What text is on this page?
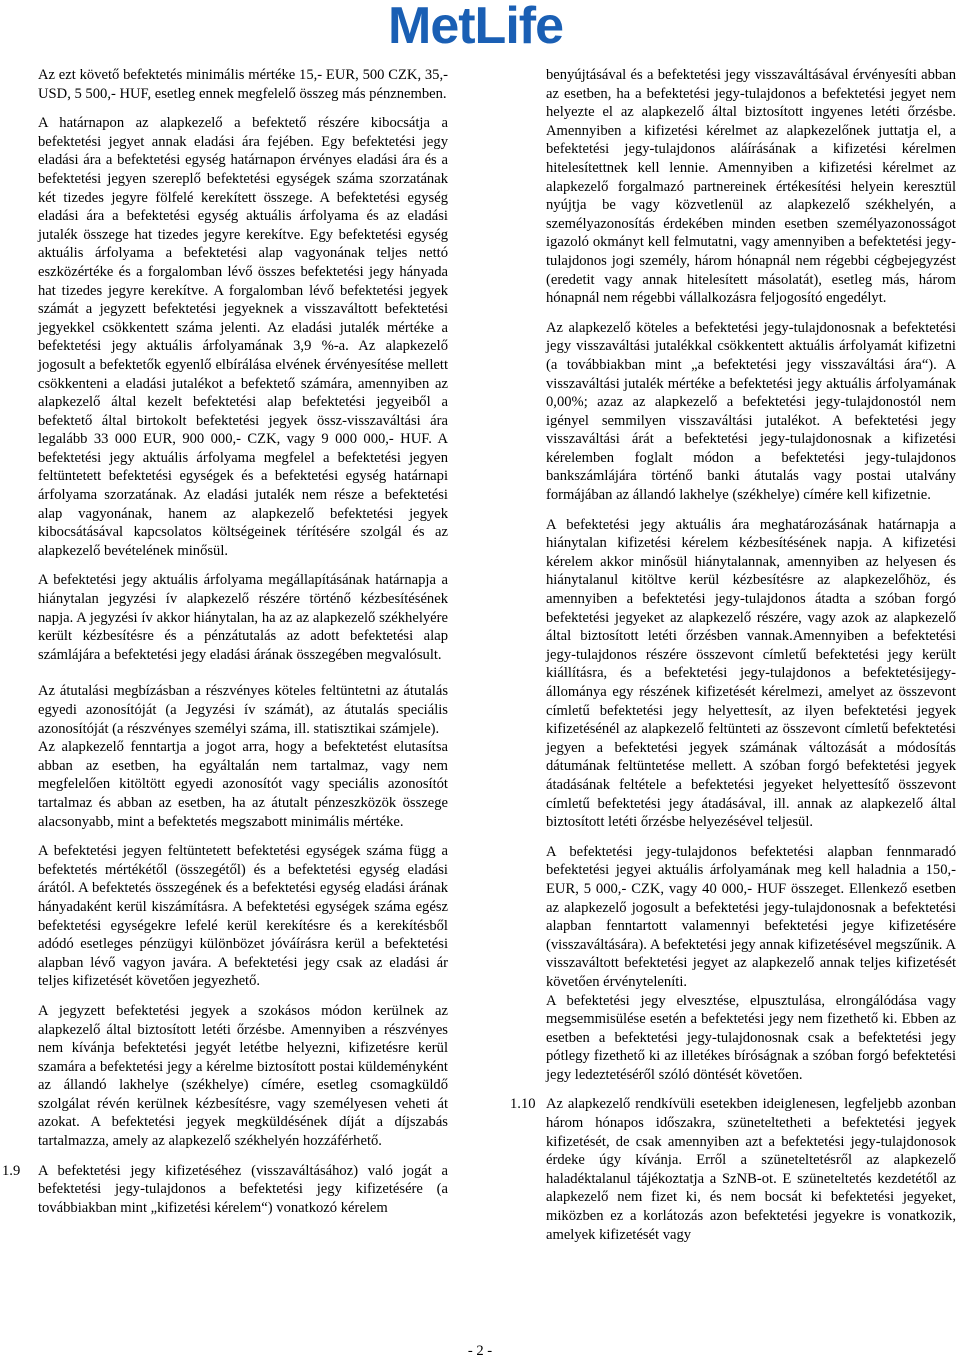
MetLife

Az ezt követő befektetés minimális mértéke 15,- EUR, 500 CZK, 35,- USD, 5 500,- HUF, esetleg ennek megfelelő összeg más pénznemben.

A határnapon az alapkezelő a befektető részére kibocsátja a befektetési jegyet annak eladási ára fejében. Egy befektetési jegy eladási ára a befektetési egység határnapon érvényes eladási ára és a befektetési jegyen szereplő befektetési egységek száma szorzatának két tizedes jegyre fölfelé kerekített összege. A befektetési egység eladási ára a befektetési egység aktuális árfolyama és az eladási jutalék összege hat tizedes jegyre kerekítve. Egy befektetési egység aktuális árfolyama a befektetési alap vagyonának teljes nettó eszközértéke és a forgalomban lévő összes befektetési jegy hányada hat tizedes jegyre kerekítve. A forgalomban lévő befektetési jegyek számát a jegyzett befektetési jegyeknek a visszaváltott befektetési jegyekkel csökkentett száma jelenti. Az eladási jutalék mértéke a befektetési jegy aktuális árfolyamának 3,9 %-a. Az alapkezelő jogosult a befektetők egyenlő elbírálása elvének érvényesítése mellett csökkenteni a eladási jutalékot a befektető számára, amennyiben az alapkezelő által kezelt befektetési alap befektetési jegyeiből a befektető által birtokolt befektetési jegyek össz-visszaváltási ára legalább 33 000 EUR, 900 000,- CZK, vagy 9 000 000,- HUF. A befektetési jegy aktuális árfolyama megfelel a befektetési jegyen feltüntetett befektetési egységek és a befektetési egység határnapi árfolyama szorzatának. Az eladási jutalék nem része a befektetési alap vagyonának, hanem az alapkezelő befektetési jegyek kibocsátásával kapcsolatos költségeinek térítésére szolgál és az alapkezelő bevételének minősül.

A befektetési jegy aktuális árfolyama megállapításának határnapja a hiánytalan jegyzési ív alapkezelő részére történő kézbesítésének napja. A jegyzési ív akkor hiánytalan, ha az az alapkezelő székhelyére került kézbesítésre és a pénzátutalás az adott befektetési alap számlájára a befektetési jegy eladási árának összegében megvalósult.

Az átutalási megbízásban a részvényes köteles feltüntetni az átutalás egyedi azonosítóját (a Jegyzési ív számát), az átutalás speciális azonosítóját (a részvényes személyi száma, ill. statisztikai számjele).

Az alapkezelő fenntartja a jogot arra, hogy a befektetést elutasítsa abban az esetben, ha egyáltalán nem tartalmaz, vagy nem megfelelően kitöltött egyedi azonosítót vagy speciális azonosítót tartalmaz és abban az esetben, ha az átutalt pénzeszközök összege alacsonyabb, mint a befektetés megszabott minimális mértéke.

A befektetési jegyen feltüntetett befektetési egységek száma függ a befektetés mértékétől (összegétől) és a befektetési egység eladási árától. A befektetés összegének és a befektetési egység eladási árának hányadaként kerül kiszámításra. A befektetési egységek száma egész befektetési egységekre lefelé kerül kerekítésre és a kerekítésből adódó esetleges pénzügyi különbözet jóváírásra kerül a befektetési alapban lévő vagyon javára. A befektetési jegy csak az eladási ár teljes kifizetését követően jegyezhető.

A jegyzett befektetési jegyek a szokásos módon kerülnek az alapkezelő által biztosított letéti őrzésbe. Amennyiben a részvényes nem kívánja befektetési jegyét letétbe helyezni, kifizetésre kerül szamára a befektetési jegy a kérelme biztosított postai küldeményként az állandó lakhelye (székhelye) címére, esetleg csomagküldő szolgálat révén kerülnek kézbesítésre, vagy személyesen veheti át azokat. A befektetési jegyek megküldésének díját a díjszabás tartalmazza, amely az alapkezelő székhelyén hozzáférhető.

1.9 A befektetési jegy kifizetéséhez (visszaváltásához) való jogát a befektetési jegy-tulajdonos a befektetési jegy kifizetésére (a továbbiakban mint „kifizetési kérelem“) vonatkozó kérelem

benyújtásával és a befektetési jegy visszaváltásával érvényesíti abban az esetben, ha a befektetési jegy-tulajdonos a befektetési jegyet nem helyezte el az alapkezelő által biztosított ingyenes letéti őrzésbe. Amennyiben a kifizetési kérelmet az alapkezelőnek juttatja el, a befektetési jegy-tulajdonos aláírásának a kifizetési kérelmen hitelesítettnek kell lennie. Amennyiben a kifizetési kérelmet az alapkezelő forgalmazó partnereinek értékesítési helyein keresztül nyújtja be vagy közvetlenül az alapkezelő székhelyén, a személyazonosítás érdekében minden esetben személyazonosságot igazoló okmányt kell felmutatni, vagy amennyiben a befektetési jegy-tulajdonos jogi személy, három hónapnál nem régebbi cégbejegyzést (eredetit vagy annak hitelesített másolatát), esetleg más, három hónapnál nem régebbi vállalkozásra feljogosító engedélyt.

Az alapkezelő köteles a befektetési jegy-tulajdonosnak a befektetési jegy visszaváltási jutalékkal csökkentett aktuális árfolyamát kifizetni (a továbbiakban mint „a befektetési jegy visszaváltási ára“). A visszaváltási jutalék mértéke a befektetési jegy aktuális árfolyamának 0,00%; azaz az alapkezelő a befektetési jegy-tulajdonostól nem igényel semmilyen visszaváltási jutalékot. A befektetési jegy visszaváltási árát a befektetési jegy-tulajdonosnak a kifizetési kérelemben foglalt módon a befektetési jegy-tulajdonos bankszámlájára történő banki átutalás vagy postai utalvány formájában az állandó lakhelye (székhelye) címére kell kifizetnie.

A befektetési jegy aktuális ára meghatározásának határnapja a hiánytalan kifizetési kérelem kézbesítésének napja. A kifizetési kérelem akkor minősül hiánytalannak, amennyiben az helyesen és hiánytalanul kitöltve kerül kézbesítésre az alapkezelőhöz, és amennyiben a befektetési jegy-tulajdonos átadta a szóban forgó befektetési jegyeket az alapkezelő részére, vagy azok az alapkezelő által biztosított letéti őrzésben vannak.Amennyiben a befektetési jegy-tulajdonos részére összevont címletű befektetési jegy került kiállításra, és a befektetési jegy-tulajdonos a befektetésijegy-állománya egy részének kifizetését kérelmezi, amelyet az összevont címletű befektetési jegy helyettesít, az ilyen befektetési jegyek kifizetésénél az alapkezelő feltünteti az összevont címletű befektetési jegyen a befektetési jegyek számának változását a módosítás dátumának feltüntetése mellett. A szóban forgó befektetési jegyek átadásának feltétele a befektetési jegyeket helyettesítő összevont címletű befektetési jegy átadásával, ill. annak az alapkezelő által biztosított letéti őrzésbe helyezésével teljesül.

A befektetési jegy-tulajdonos befektetési alapban fennmaradó befektetési jegyei aktuális árfolyamának meg kell haladnia a 150,- EUR, 5 000,- CZK, vagy 40 000,- HUF összeget. Ellenkező esetben az alapkezelő jogosult a befektetési jegy-tulajdonosnak a befektetési alapban fenntartott valamennyi befektetési jegye kifizetésére (visszaváltására). A befektetési jegy annak kifizetésével megszűnik. A visszaváltott befektetési jegyet az alapkezelő annak teljes kifizetését követően érvényteleníti.

A befektetési jegy elvesztése, elpusztulása, elrongálódása vagy megsemmisülése esetén a befektetési jegy nem fizethető ki. Ebben az esetben a befektetési jegy-tulajdonosnak csak a befektetési jegy pótlegy fizethető ki az illetékes bíróságnak a szóban forgó befektetési jegy ledeztetéséről szóló döntését követően.

1.10 Az alapkezelő rendkívüli esetekben ideiglenesen, legfeljebb azonban három hónapos időszakra, szüneteltetheti a befektetési jegyek kifizetését, de csak amennyiben azt a befektetési jegy-tulajdonosok érdeke úgy kívánja. Erről a szüneteltetésről az alapkezelő haladéktalanul tájékoztatja a SzNB-ot. E szüneteltetés kezdetétől az alapkezelő nem fizet ki, és nem bocsát ki befektetési jegyeket, miközben ez a korlátozás azon befektetési jegyekre is vonatkozik, amelyek kifizetését vagy

- 2 -
